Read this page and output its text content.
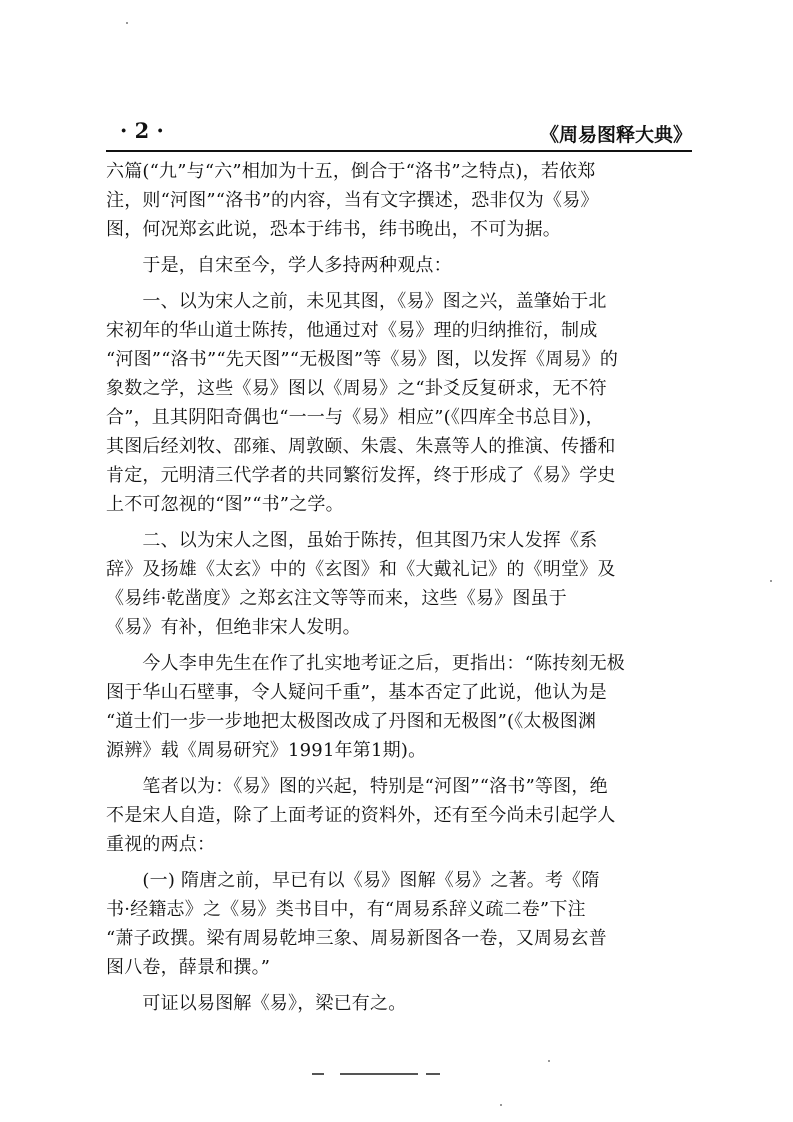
· 2 ·	《周易图释大典》
六篇(“九”与“六”相加为十五，倒合于“洛书”之特点)，若依郑
注，则“河图”“洛书”的内容，当有文字撰述，恐非仅为《易》
图，何况郑玄此说，恐本于纬书，纬书晚出，不可为据。
　　于是，自宋至今，学人多持两种观点：
　　一、以为宋人之前，未见其图，《易》图之兴，盖肇始于北
宋初年的华山道士陈抟，他通过对《易》理的归纳推衍，制成
“河图”“洛书”“先天图”“无极图”等《易》图，以发挥《周易》的
象数之学，这些《易》图以《周易》之“卦爻反复研求，无不符
合”，且其阴阳奇偶也“一一与《易》相应”(《四库全书总目》)，
其图后经刘牧、邵雍、周敦颐、朱震、朱熹等人的推演、传播和
肯定，元明清三代学者的共同繁衍发挥，终于形成了《易》学史
上不可忽视的“图”“书”之学。
　　二、以为宋人之图，虽始于陈抟，但其图乃宋人发挥《系
辞》及扬雄《太玄》中的《玄图》和《大戴礼记》的《明堂》及
《易纬·乾凿度》之郑玄注文等等而来，这些《易》图虽于
《易》有补，但绝非宋人发明。
　　今人李申先生在作了扎实地考证之后，更指出：“陈抟刻无极
图于华山石壁事，令人疑问千重”，基本否定了此说，他认为是
“道士们一步一步地把太极图改成了丹图和无极图”(《太极图渊
源辨》载《周易研究》1991年第1期)。
　　笔者以为：《易》图的兴起，特别是“河图”“洛书”等图，绝
不是宋人自造，除了上面考证的资料外，还有至今尚未引起学人
重视的两点：
　　(一) 隋唐之前，早已有以《易》图解《易》之著。考《隋
书·经籍志》之《易》类书目中，有“周易系辞义疏二卷”下注
“萧子政撰。梁有周易乾坤三象、周易新图各一卷，又周易玄普
图八卷，薛景和撰。”
　　可证以易图解《易》，梁已有之。
